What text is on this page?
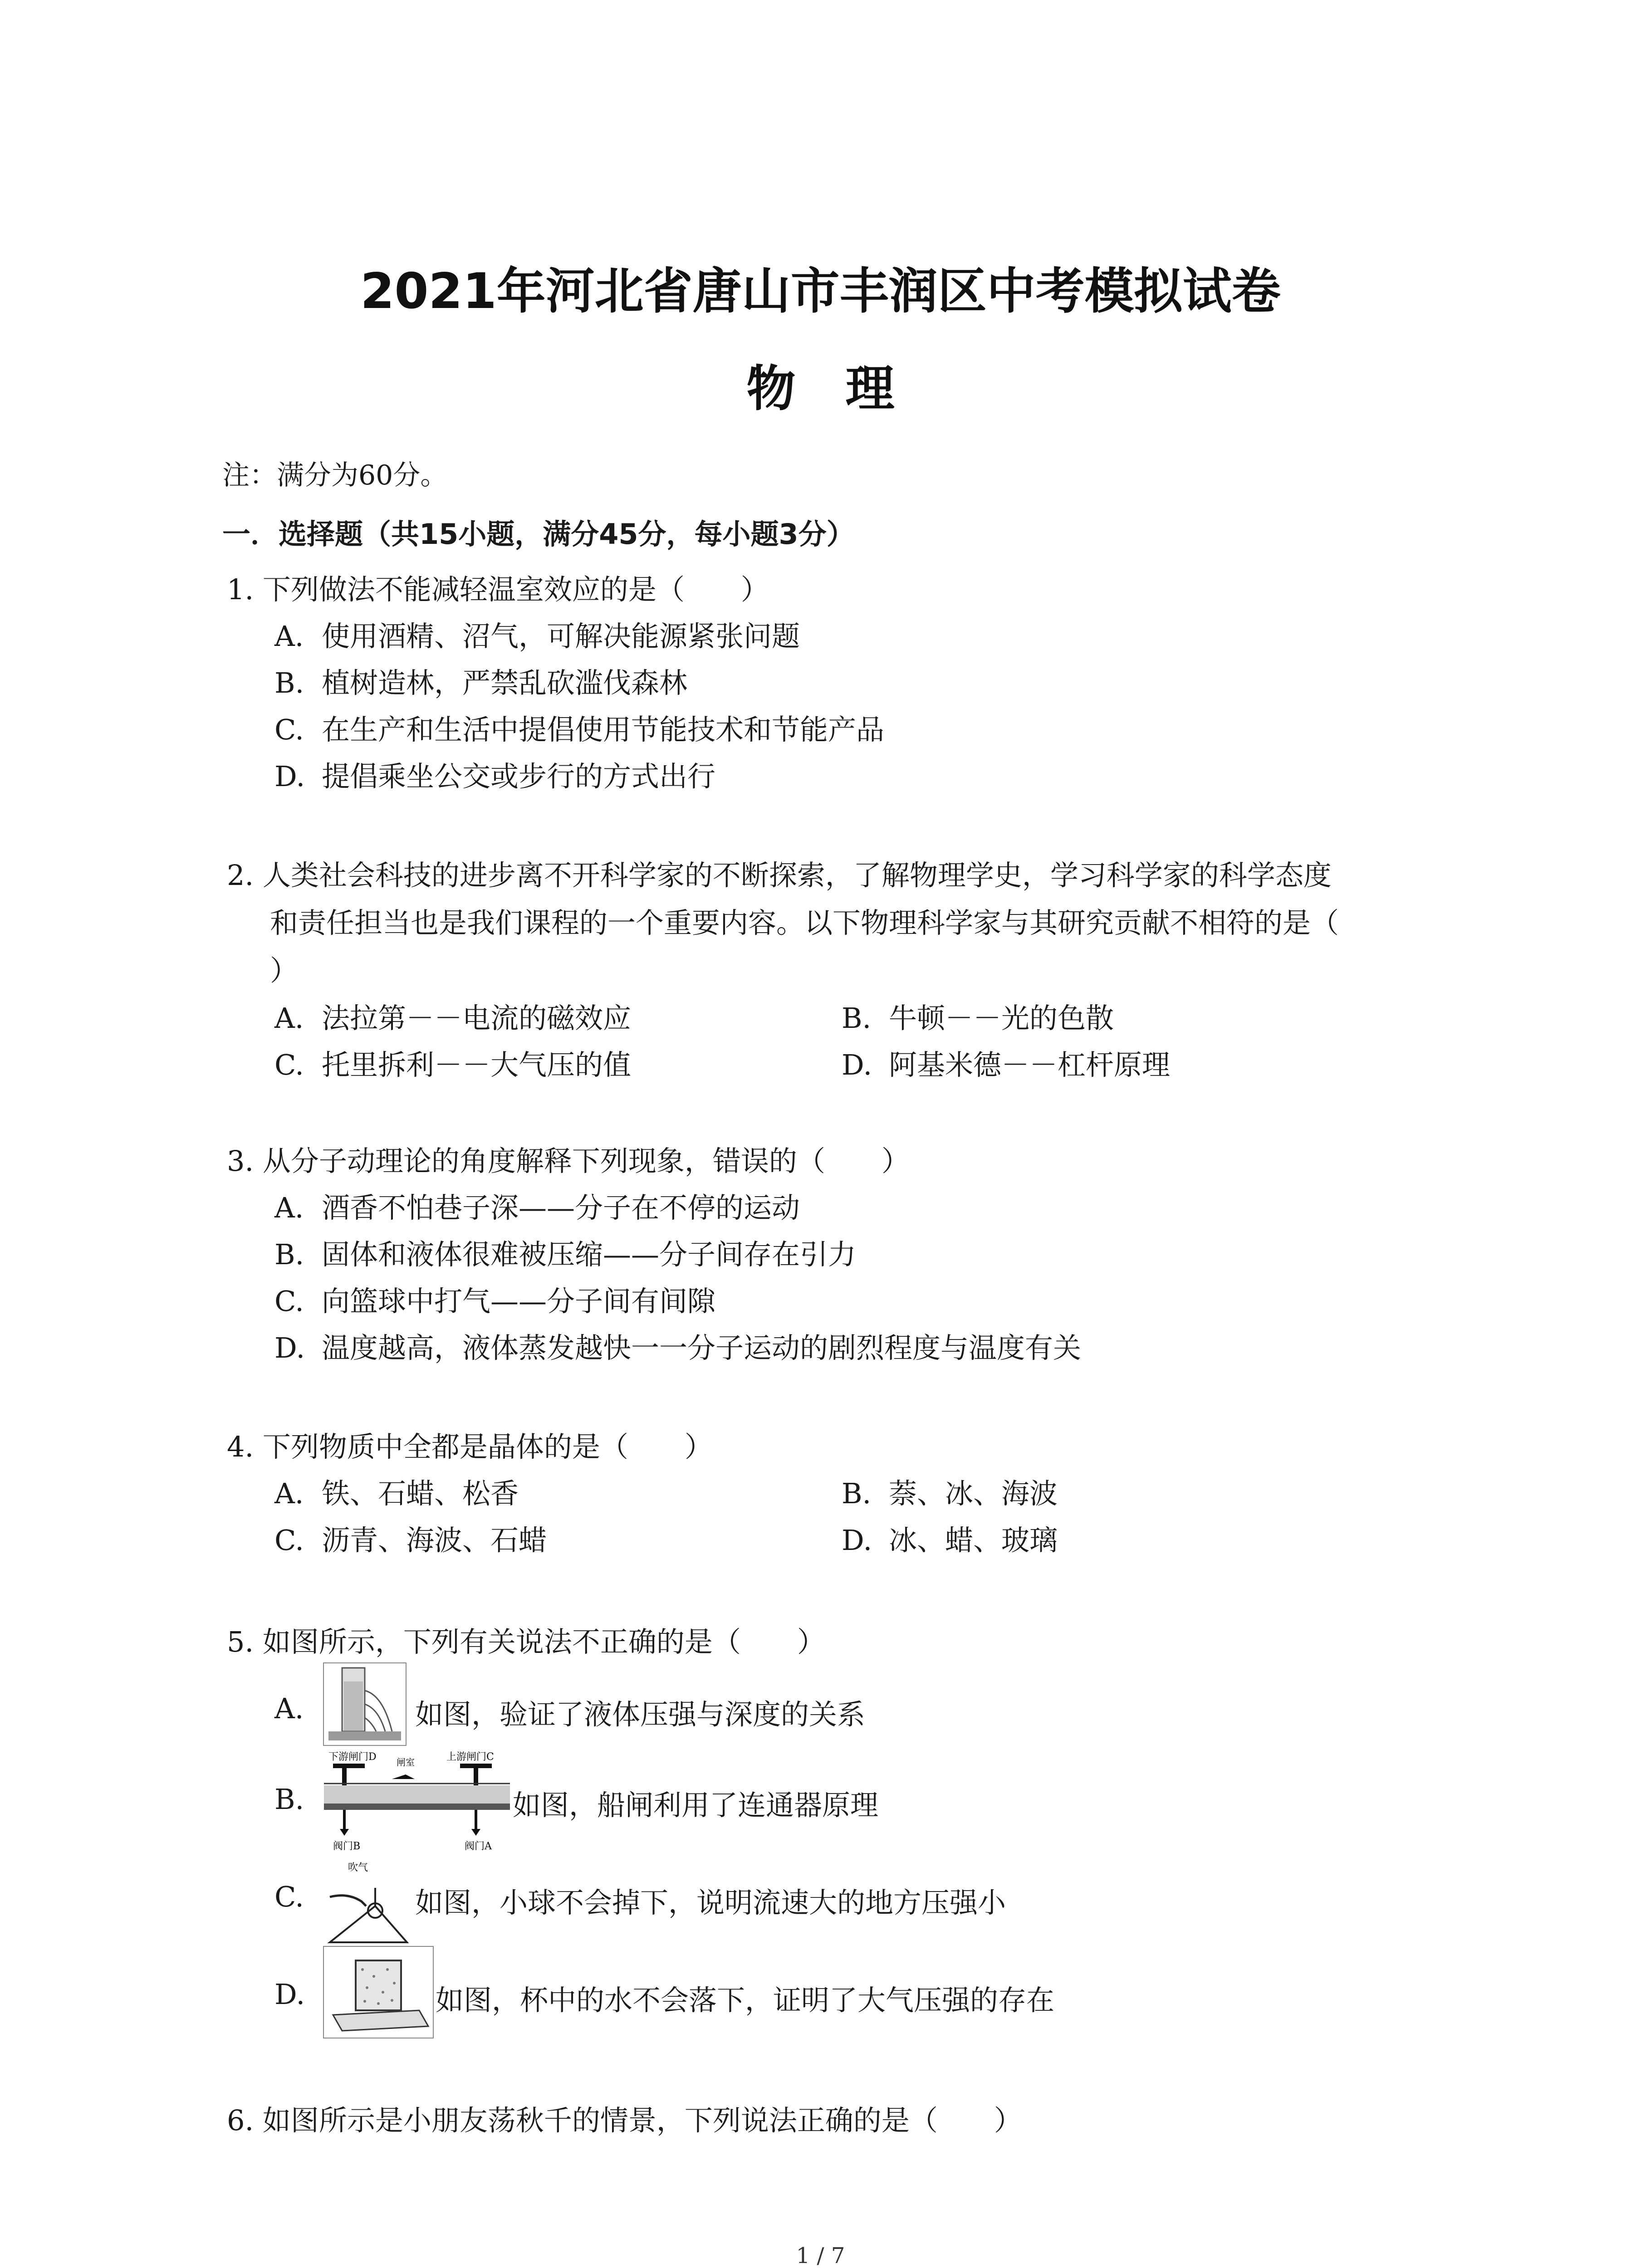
2021年河北省唐山市丰润区中考模拟试卷
物理
注：满分为60分。
一．选择题（共15小题，满分45分，每小题3分）
1. 下列做法不能减轻温室效应的是（　　）
A. 使用酒精、沼气，可解决能源紧张问题
B. 植树造林，严禁乱砍滥伐森林
C. 在生产和生活中提倡使用节能技术和节能产品
D. 提倡乘坐公交或步行的方式出行
2. 人类社会科技的进步离不开科学家的不断探索，了解物理学史，学习科学家的科学态度
和责任担当也是我们课程的一个重要内容。以下物理科学家与其研究贡献不相符的是（
）
A. 法拉第－－电流的磁效应	B. 牛顿－－光的色散
C. 托里拆利－－大气压的值	D. 阿基米德－－杠杆原理
3. 从分子动理论的角度解释下列现象，错误的（　　）
A. 酒香不怕巷子深——分子在不停的运动
B. 固体和液体很难被压缩——分子间存在引力
C. 向篮球中打气——分子间有间隙
D. 温度越高，液体蒸发越快一一分子运动的剧烈程度与温度有关
4. 下列物质中全都是晶体的是（　　）
A. 铁、石蜡、松香	B. 萘、冰、海波
C. 沥青、海波、石蜡	D. 冰、蜡、玻璃
5. 如图所示，下列有关说法不正确的是（　　）
A.	如图，验证了液体压强与深度的关系
B.
下游闸门D 闸室	上游闸门C
阀门B	阀门A
如图，船闸利用了连通器原理
C.
吹气
如图，小球不会掉下，说明流速大的地方压强小
D.	如图，杯中的水不会落下，证明了大气压强的存在
6. 如图所示是小朋友荡秋千的情景，下列说法正确的是（　　）
1 / 7
